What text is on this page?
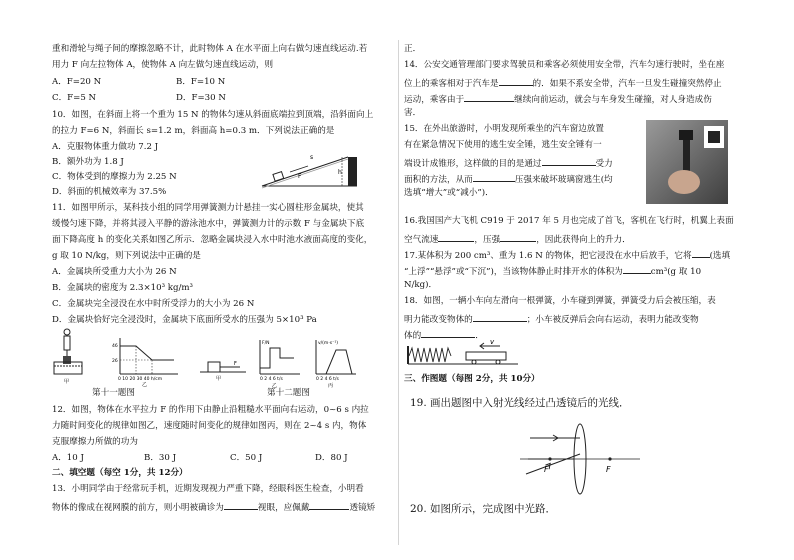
重和滑轮与绳子间的摩擦忽略不计，此时物体 A 在水平面上向右做匀速直线运动.若
用力 F 向左拉物体 A，使物体 A 向左做匀速直线运动，则
A．F=20 N	B．F=10 N
C．F=5 N	D．F=30 N
10．如图，在斜面上将一个重为 15 N 的物体匀速从斜面底端拉到顶端，沿斜面向上
的拉力 F=6 N，斜面长 s=1.2 m，斜面高 h=0.3 m．下列说法正确的是
A．克服物体重力做功 7.2 J
B．额外功为 1.8 J
C．物体受到的摩擦力为 2.25 N
D．斜面的机械效率为 37.5%
F
s
h
11．如图甲所示，某科技小组的同学用弹簧测力计悬挂一实心圆柱形金属块，使其
缓慢匀速下降，并将其浸入平静的游泳池水中，弹簧测力计的示数 F 与金属块下底
面下降高度 h 的变化关系如图乙所示．忽略金属块浸入水中时池水液面高度的变化，
g 取 10 N/kg，则下列说法中正确的是
A．金属块所受重力大小为 26 N
B．金属块的密度为 2.3×10³ kg/m³
C．金属块完全浸没在水中时所受浮力的大小为 26 N
D．金属块恰好完全浸没时，金属块下底面所受水的压强为 5×10³ Pa
甲
46
26
0 10 20 30 40 h/cm
乙
F
甲
F/N
0 2 4 6 t/s
乙
v/(m·s⁻¹)
0 2 4 6 t/s
丙
第十一题图	第十二题图
12．如图，物体在水平拉力 F 的作用下由静止沿粗糙水平面向右运动，0~6 s 内拉
力随时间变化的规律如图乙，速度随时间变化的规律如图丙，则在 2~4 s 内，物体
克服摩擦力所做的功为
A．10 J	B．30 J	C．50 J	D．80 J
二、填空题（每空 1分，共 12分）
13．小明同学由于经常玩手机，近期发现视力严重下降，经眼科医生检查，小明看
物体的像成在视网膜的前方，则小明被确诊为	视眼，应佩戴	透镜矫
正．
14．公安交通管理部门要求驾驶员和乘客必须使用安全带，汽车匀速行驶时，坐在座
位上的乘客相对于汽车是	的．如果不系安全带，汽车一旦发生碰撞突然停止
运动，乘客由于	继续向前运动，就会与车身发生碰撞，对人身造成伤
害．
15．在外出旅游时，小明发现所乘坐的汽车窗边放置
有在紧急情况下使用的逃生安全锤，逃生安全锤有一
端设计成锥形，这样做的目的是通过	受力
面积的方法，从而	压强来破坏玻璃窗逃生(均
选填“增大”或“减小”)．
16.我国国产大飞机 C919 于 2017 年 5 月也完成了首飞，客机在飞行时，机翼上表面
空气流速	，压强	，因此获得向上的升力．
17.某体积为 200 cm³、重为 1.6 N 的物体，把它浸没在水中后放手，它将 (选填
“上浮”“悬浮”或“下沉”)，当该物体静止时排开水的体积为	cm³(g 取 10
N/kg)．
18．如图，一辆小车向左滑向一根弹簧，小车碰到弹簧，弹簧受力后会被压缩，表
明力能改变物体的	；小车被反弹后会向右运动，表明力能改变物
体的	．
v
三、作图题（每图 2分，共 10分）
19. 画出题图中入射光线经过凸透镜后的光线．
F	F
20. 如图所示，完成图中光路．
